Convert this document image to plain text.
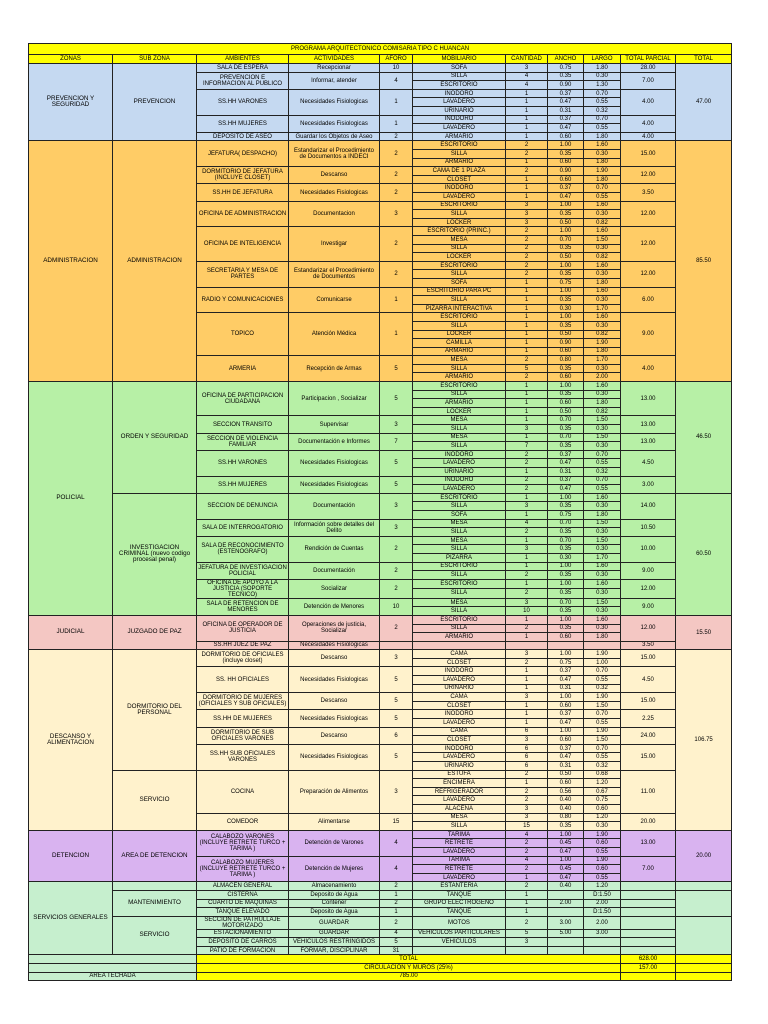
PROGRAMA ARQUITECTONICO COMISARIA TIPO C HUANCAN										
ZONAS	SUB ZONA	AMBIENTES	ACTIVIDADES	AFORO	MOBILIARIO	CANTIDAD	ANCHO	LARGO	TOTAL PARCIAL	TOTAL
PREVENCION Y SEGURIDAD	PREVENCION	SALA DE ESPERA	Recepcionar	10	SOFA	3	0.75	1.80	28.00	47.00
		PREVENCION E INFORMACION AL PUBLICO	Informar, atender	4	SILLA	4	0.35	0.30	7.00	
					ESCRITORIO	4	0.90	1.30		
		SS.HH VARONES	Necesidades Fisiologicas	1	INODORO	1	0.37	0.70	4.00	
					LAVADERO	1	0.47	0.55		
					URINARIO	1	0.31	0.32		
		SS.HH MUJERES	Necesidades Fisiologicas	1	INODORO	1	0.37	0.70	4.00	
					LAVADERO	1	0.47	0.55		
		DEPOSITO DE ASEO	Guardar los Objetos de Aseo	2	ARMARIO	1	0.60	1.80	4.00	
ADMINISTRACION	ADMINISTRACION	JEFATURA( DESPACHO)	Estandarizar el Procedimiento de Documentos a INDECI	2	ESCRITORIO	2	1.00	1.60	15.00	85.50
					SILLA	2	0.35	0.30		
					ARMARIO	1	0.60	1.80		
		DORMITORIO DE JEFATURA (INCLUYE CLOSET)	Descanso	2	CAMA DE 1 PLAZA	2	0.90	1.90	12.00	
					CLOSET	1	0.60	1.80		
		SS.HH DE JEFATURA	Necesidades Fisiologicas	2	INODORO	1	0.37	0.70	3.50	
					LAVADERO	1	0.47	0.55		
		OFICINA DE ADMINISTRACION	Documentacion	3	ESCRITORIO	3	1.00	1.60	12.00	
					SILLA	3	0.35	0.30		
					LOCKER	3	0.50	0.82		
		OFICINA DE INTELIGENCIA	Investigar	2	ESCRITORIO (PRINC.)	2	1.00	1.60	12.00	
					MESA	2	0.70	1.50		
					SILLA	2	0.35	0.30		
					LOCKER	2	0.50	0.82		
		SECRETARIA Y MESA DE PARTES	Estandarizar el Procedimiento de Documentos	2	ESCRITORIO	2	1.00	1.60	12.00	
					SILLA	2	0.35	0.30		
					SOFA	1	0.75	1.80		
		RADIO Y COMUNICACIONES	Comunicarse	1	ESCRITORIO PARA PC	1	1.00	1.60	6.00	
					SILLA	1	0.35	0.30		
					PIZARRA INTERACTIVA	1	0.30	1.70		
		TOPICO	Atención Médica	1	ESCRITORIO	1	1.00	1.60	9.00	
					SILLA	1	0.35	0.30		
					LOCKER	1	0.50	0.82		
					CAMILLA	1	0.90	1.90		
					ARMARIO	1	0.60	1.80		
		ARMERIA	Recepción de Armas	5	MESA	2	0.80	1.70	4.00	
					SILLA	5	0.35	0.30		
					ARMARIO	2	0.60	2.00		
POLICIAL	ORDEN Y SEGURIDAD	OFICINA DE PARTICIPACION CIUDADANA	Participacion , Socializar	5	ESCRITORIO	1	1.00	1.60	13.00	46.50
					SILLA	1	0.35	0.30		
					ARMARIO	1	0.60	1.80		
					LOCKER	1	0.50	0.82		
		SECCION TRANSITO	Supervisar	3	MESA	1	0.70	1.50	13.00	
					SILLA	3	0.35	0.30		
		SECCION DE VIOLENCIA FAMILIAR	Documentación e Informes	7	MESA	1	0.70	1.50	13.00	
					SILLA	7	0.35	0.30		
		SS.HH VARONES	Necesidades Fisiologicas	5	INODORO	2	0.37	0.70	4.50	
					LAVADERO	2	0.47	0.55		
					URINARIO	1	0.31	0.32		
		SS.HH MUJERES	Necesidades Fisiologicas	5	INODORO	2	0.37	0.70	3.00	
					LAVADERO	2	0.47	0.55		
	INVESTIGACION CRIMINAL (nuevo codigo procesal penal)	SECCION DE DENUNCIA	Documentación	3	ESCRITORIO	1	1.00	1.60	14.00	60.50
					SILLA	3	0.35	0.30		
					SOFA	1	0.75	1.80		
		SALA DE INTERROGATORIO	Información sobre detalles del Delito	3	MESA	4	0.70	1.50	10.50	
					SILLA	2	0.35	0.30		
		SALA DE RECONOCIMIENTO (ESTENOGRAFO)	Rendición de Cuentas	2	MESA	1	0.70	1.50	10.00	
					SILLA	3	0.35	0.30		
					PIZARRA	1	0.30	1.70		
		JEFATURA DE INVESTIGACION POLICIAL	Documentación	2	ESCRITORIO	1	1.00	1.60	9.00	
					SILLA	2	0.35	0.30		
		OFICINA DE APOYO A LA JUSTICIA (SOPORTE TECNICO)	Socializar	2	ESCRITORIO	1	1.00	1.60	12.00	
					SILLA	2	0.35	0.30		
		SALA DE RETENCION DE MENORES	Detención de Menores	10	MESA	3	0.70	1.50	9.00	
					SILLA	10	0.35	0.30		
JUDICIAL	JUZGADO DE PAZ	OFICINA DE OPERADOR DE JUSTICIA	Operaciones de justicia, Socializar	2	ESCRITORIO	1	1.00	1.60	12.00	15.50
					SILLA	2	0.35	0.30		
					ARMARIO	1	0.60	1.80		
		SS.HH JUEZ DE PAZ	Necesidades Fisiologicas						3.50	
DESCANSO Y ALIMENTACION	DORMITORIO DEL PERSONAL	DORMITORIO DE OFICIALES (incluye closet)	Descanso	3	CAMA	3	1.00	1.90	15.00	106.75
					CLOSET	2	0.75	1.00		
		SS. HH OFICIALES	Necesidades Fisiologicas	5	INODORO	1	0.37	0.70	4.50	
					LAVADERO	1	0.47	0.55		
					URINARIO	1	0.31	0.32		
		DORMITORIO DE MUJERES (OFICIALES Y SUB OFICIALES)	Descanso	5	CAMA	3	1.00	1.90	15.00	
					CLOSET	1	0.60	1.50		
		SS.HH DE MUJERES	Necesidades Fisiologicas	5	INODORO	1	0.37	0.70	2.25	
					LAVADERO	1	0.47	0.55		
		DORMITORIO DE SUB OFICIALES VARONES	Descanso	6	CAMA	6	1.00	1.90	24.00	
					CLOSET	3	0.60	1.50		
		SS.HH SUB OFICIALES VARONES	Necesidades Fisiologicas	5	INODORO	6	0.37	0.70	15.00	
					LAVADERO	6	0.47	0.55		
					URINARIO	6	0.31	0.32		
	SERVICIO	COCINA	Preparación de Alimentos	3	ESTUFA	2	0.50	0.68	11.00	
					ENCIMERA	1	0.60	1.20		
					REFRIGERADOR	2	0.56	0.67		
					LAVADERO	2	0.40	0.75		
					ALACENA	3	0.40	0.60		
		COMEDOR	Alimentarse	15	MESA	3	0.80	1.20	20.00	
					SILLA	15	0.35	0.30		
DETENCION	AREA DE DETENCION	CALABOZO VARONES (INCLUYE RETRETE TURCO + TARIMA )	Detención de Varones	4	TARIMA	4	1.00	1.90	13.00	20.00
					RETRETE	2	0.45	0.60		
					LAVADERO	2	0.47	0.55		
		CALABOZO MUJERES (INCLUYE RETRETE TURCO + TARIMA )	Detención de Mujeres	4	TARIMA	4	1.00	1.90	7.00	
					RETRETE	2	0.45	0.60		
					LAVADERO	1	0.47	0.55		
SERVICIOS GENERALES		ALMACEN GENERAL	Almacenamiento	2	ESTANTERIA	2	0.40	1.20		
	MANTENIMIENTO	CISTERNA	Deposito de Agua	1	TANQUE	1		D:1.50		
		CUARTO DE MAQUINAS	Contener	2	GRUPO ELECTROGENO	1	2.00	2.00		
		TANQUE ELEVADO	Deposito de Agua	1	TANQUE	1		D:1.50		
	SERVICIO	SECCION DE PATRULLAJE MOTORIZADO	GUARDAR	2	MOTOS	2	3.00	2.00		
		ESTACIONAMIENTO	GUARDAR	4	VEHICULOS PARTICULARES	5	5.00	3.00		
		DEPOSITO DE CARROS	VEHICULOS RESTRINGIDOS	5	VEHICULOS	3				
		PATIO DE FORMACION	FORMAR, DISCIPLINAR	31						
		TOTAL							628.00	
		CIRCULACION Y MUROS (25%)							157.00	
AREA TECHADA		785.00								
